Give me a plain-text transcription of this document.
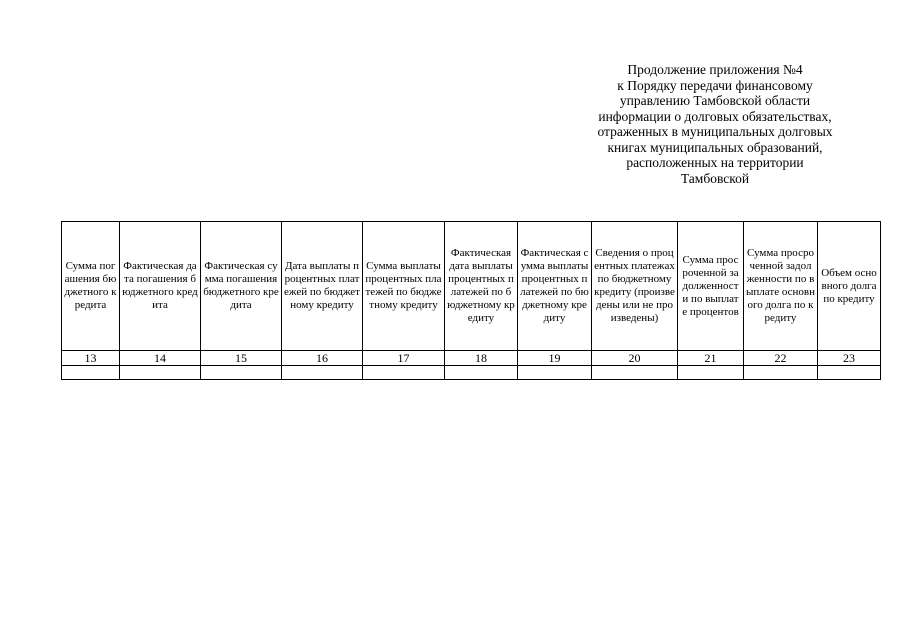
Продолжение приложения №4
к Порядку передачи финансовому
управлению Тамбовской области
информации о долговых обязательствах,
отраженных в муниципальных долговых
книгах муниципальных образований,
расположенных на территории
Тамбовской
Сумма погашения бюджетного кредита	Фактическая дата погашения бюджетного кредита	Фактическая сумма погашения бюджетного кредита	Дата выплаты процентных платежей по бюджетному кредиту	Сумма выплаты процентных платежей по бюджетному кредиту	Фактическая дата выплаты процентных платежей по бюджетному кредиту	Фактическая сумма выплаты процентных платежей по бюджетному кредиту	Сведения о процентных платежах по бюджетному кредиту (произведены или не произведены)	Сумма просроченной задолженности по выплате процентов	Сумма просроченной задолженности по выплате основного долга по кредиту	Объем основного долга по кредиту
13	14	15	16	17	18	19	20	21	22	23
